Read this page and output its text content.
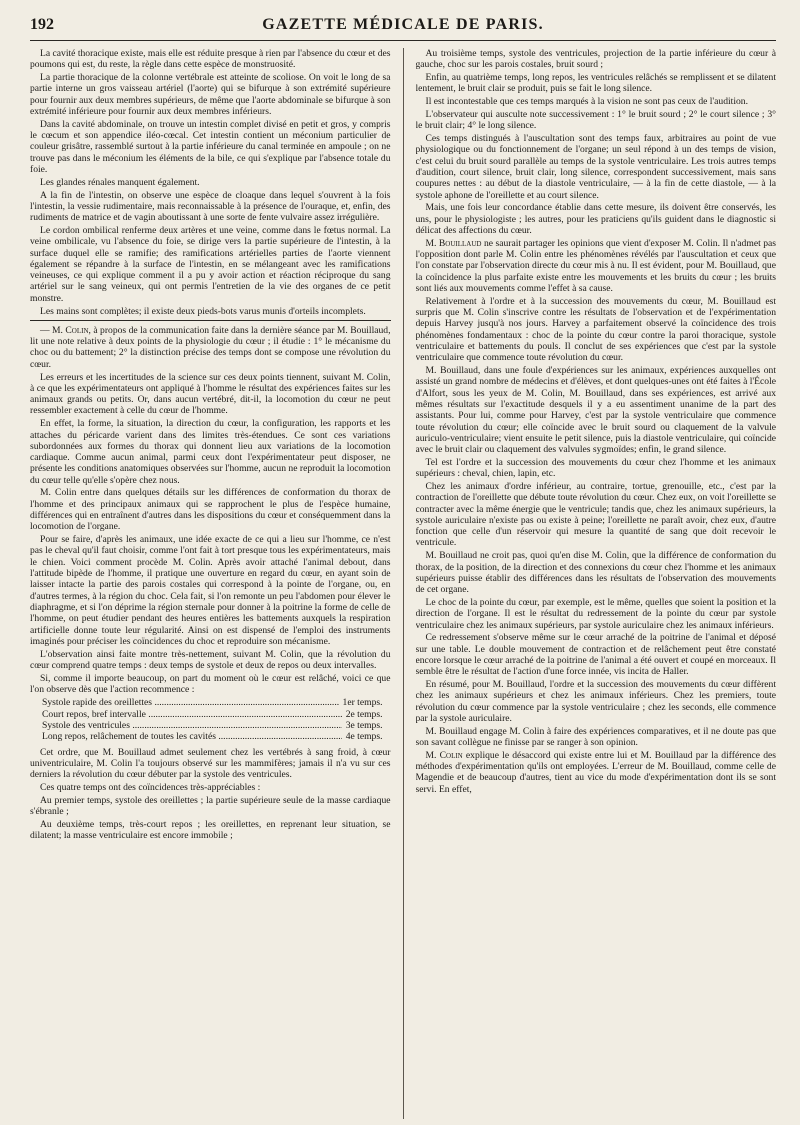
192	GAZETTE MÉDICALE DE PARIS.

La cavité thoracique existe, mais elle est réduite presque à rien par l'absence du cœur et des poumons qui est, du reste, la règle dans cette espèce de monstruosité.

La partie thoracique de la colonne vertébrale est atteinte de scoliose. On voit le long de sa partie interne un gros vaisseau artériel (l'aorte) qui se bifurque à son extrémité supérieure pour fournir aux deux membres supérieurs, de même que l'aorte abdominale se bifurque à son extrémité inférieure pour fournir aux deux membres inférieurs.

Dans la cavité abdominale, on trouve un intestin complet divisé en petit et gros, y compris le cœcum et son appendice iléo-cœcal. Cet intestin contient un méconium particulier de couleur grisâtre, rassemblé surtout à la partie inférieure du canal terminée en ampoule ; on ne trouve pas dans le méconium les éléments de la bile, ce qui s'explique par l'absence totale du foie.

Les glandes rénales manquent également.

A la fin de l'intestin, on observe une espèce de cloaque dans lequel s'ouvrent à la fois l'intestin, la vessie rudimentaire, mais reconnaissable à la présence de l'ouraque, et, enfin, des rudiments de matrice et de vagin aboutissant à une sorte de fente vulvaire assez irrégulière.

Le cordon ombilical renferme deux artères et une veine, comme dans le fœtus normal. La veine ombilicale, vu l'absence du foie, se dirige vers la partie supérieure de l'intestin, à la surface duquel elle se ramifie; des ramifications artérielles parties de l'aorte viennent également se répandre à la surface de l'intestin, en se mélangeant avec les ramifications veineuses, ce qui explique comment il a pu y avoir action et réaction réciproque du sang artériel sur le sang veineux, qui ont permis l'entretien de la vie des organes de ce petit monstre.

Les mains sont complètes; il existe deux pieds-bots varus munis d'orteils incomplets.

— M. Colin, à propos de la communication faite dans la dernière séance par M. Bouillaud, lit une note relative à deux points de la physiologie du cœur ; il étudie : 1° le mécanisme du choc ou du battement; 2° la distinction précise des temps dont se compose une révolution du cœur.

Les erreurs et les incertitudes de la science sur ces deux points tiennent, suivant M. Colin, à ce que les expérimentateurs ont appliqué à l'homme le résultat des expériences faites sur les animaux grands ou petits. Or, dans aucun vertébré, dit-il, la locomotion du cœur ne peut ressembler exactement à celle du cœur de l'homme.

En effet, la forme, la situation, la direction du cœur, la configuration, les rapports et les attaches du péricarde varient dans des limites très-étendues. Ce sont ces variations subordonnées aux formes du thorax qui donnent lieu aux variations de la locomotion cardiaque. Comme aucun animal, parmi ceux dont l'expérimentateur peut disposer, ne présente les conditions anatomiques observées sur l'homme, aucun ne reproduit la locomotion du cœur telle qu'elle s'opère chez nous.

M. Colin entre dans quelques détails sur les différences de conformation du thorax de l'homme et des principaux animaux qui se rapprochent le plus de l'espèce humaine, différences qui en entraînent d'autres dans les dispositions du cœur et conséquemment dans la locomotion de l'organe.

Pour se faire, d'après les animaux, une idée exacte de ce qui a lieu sur l'homme, ce n'est pas le cheval qu'il faut choisir, comme l'ont fait à tort presque tous les expérimentateurs, mais le chien. Voici comment procède M. Colin. Après avoir attaché l'animal debout, dans l'attitude bipède de l'homme, il pratique une ouverture en regard du cœur, en ayant soin de laisser intacte la partie des parois costales qui correspond à la pointe de l'organe, ou, en d'autres termes, à la région du choc. Cela fait, si l'on remonte un peu l'abdomen pour élever le diaphragme, et si l'on déprime la région sternale pour donner à la poitrine la forme de celle de l'homme, on peut étudier pendant des heures entières les battements auxquels la respiration artificielle donne toute leur régularité. Ainsi on est dispensé de l'emploi des instruments imaginés pour préciser les coïncidences du choc et reproduire son mécanisme.

L'observation ainsi faite montre très-nettement, suivant M. Colin, que la révolution du cœur comprend quatre temps : deux temps de systole et deux de repos ou deux intervalles.

Si, comme il importe beaucoup, on part du moment où le cœur est relâché, voici ce que l'on observe dès que l'action recommence :

Systole rapide des oreillettes .....	1er temps.
Court repos, bref intervalle .....	2e temps.
Systole des ventricules .....	3e temps.
Long repos, relâchement de toutes les cavités .....	4e temps.

Cet ordre, que M. Bouillaud admet seulement chez les vertébrés à sang froid, à cœur univentriculaire, M. Colin l'a toujours observé sur les mammifères; jamais il n'a vu sur ces derniers la révolution du cœur débuter par la systole des ventricules.

Ces quatre temps ont des coïncidences très-appréciables :

Au premier temps, systole des oreillettes ; la partie supérieure seule de la masse cardiaque s'ébranle ;

Au deuxième temps, très-court repos ; les oreillettes, en reprenant leur situation, se dilatent; la masse ventriculaire est encore immobile ;

Au troisième temps, systole des ventricules, projection de la partie inférieure du cœur à gauche, choc sur les parois costales, bruit sourd ;

Enfin, au quatrième temps, long repos, les ventricules relâchés se remplissent et se dilatent lentement, le bruit clair se produit, puis se fait le long silence.

Il est incontestable que ces temps marqués à la vision ne sont pas ceux de l'audition.

L'observateur qui ausculte note successivement : 1° le bruit sourd ; 2° le court silence ; 3° le bruit clair; 4° le long silence.

Ces temps distingués à l'auscultation sont des temps faux, arbitraires au point de vue physiologique ou du fonctionnement de l'organe; un seul répond à un des temps de vision, c'est celui du bruit sourd parallèle au temps de la systole ventriculaire. Les trois autres temps d'audition, court silence, bruit clair, long silence, correspondent successivement, mais sans coupures nettes : au début de la diastole ventriculaire, — à la fin de cette diastole, — à la systole aphone de l'oreillette et au court silence.

Mais, une fois leur concordance établie dans cette mesure, ils doivent être conservés, les uns, pour le physiologiste ; les autres, pour les praticiens qu'ils guident dans le diagnostic si délicat des affections du cœur.

M. Bouillaud ne saurait partager les opinions que vient d'exposer M. Colin. Il n'admet pas l'opposition dont parle M. Colin entre les phénomènes révélés par l'auscultation et ceux que l'on constate par l'observation directe du cœur mis à nu. Il est évident, pour M. Bouillaud, que la coïncidence la plus parfaite existe entre les mouvements et les bruits du cœur ; les bruits sont liés aux mouvements comme l'effet à sa cause.

Relativement à l'ordre et à la succession des mouvements du cœur, M. Bouillaud est surpris que M. Colin s'inscrive contre les résultats de l'observation et de l'expérimentation depuis Harvey jusqu'à nos jours. Harvey a parfaitement observé la coïncidence des trois phénomènes fondamentaux : choc de la pointe du cœur contre la paroi thoracique, systole ventriculaire et battements du pouls. Il conclut de ses expériences que c'est par la systole ventriculaire que commence toute révolution du cœur.

M. Bouillaud, dans une foule d'expériences sur les animaux, expériences auxquelles ont assisté un grand nombre de médecins et d'élèves, et dont quelques-unes ont été faites à l'École d'Alfort, sous les yeux de M. Colin, M. Bouillaud, dans ses expériences, est arrivé aux mêmes résultats sur l'exactitude desquels il y a eu assentiment unanime de la part des assistants. Pour lui, comme pour Harvey, c'est par la systole ventriculaire que commence toute révolution du cœur; elle coïncide avec le bruit sourd ou claquement de la valvule auriculo-ventriculaire; vient ensuite le petit silence, puis la diastole ventriculaire, qui coïncide avec le bruit clair ou claquement des valvules sygmoïdes; enfin, le grand silence.

Tel est l'ordre et la succession des mouvements du cœur chez l'homme et les animaux supérieurs : cheval, chien, lapin, etc.

Chez les animaux d'ordre inférieur, au contraire, tortue, grenouille, etc., c'est par la contraction de l'oreillette que débute toute révolution du cœur. Chez eux, on voit l'oreillette se contracter avec la même énergie que le ventricule; tandis que, chez les animaux supérieurs, la systole auriculaire n'existe pas ou existe à peine; l'oreillette ne paraît avoir, chez eux, d'autre fonction que celle d'un réservoir qui mesure la quantité de sang que doit recevoir le ventricule.

M. Bouillaud ne croit pas, quoi qu'en dise M. Colin, que la différence de conformation du thorax, de la position, de la direction et des connexions du cœur chez l'homme et les animaux supérieurs puisse établir des différences dans les résultats de l'observation des mouvements de cet organe.

Le choc de la pointe du cœur, par exemple, est le même, quelles que soient la position et la direction de l'organe. Il est le résultat du redressement de la pointe du cœur par systole ventriculaire chez les animaux supérieurs, par systole auriculaire chez les animaux inférieurs.

Ce redressement s'observe même sur le cœur arraché de la poitrine de l'animal et déposé sur une table. Le double mouvement de contraction et de relâchement peut être constaté encore lorsque le cœur arraché de la poitrine de l'animal a été ouvert et coupé en morceaux. Il semble être le résultat de l'action d'une force innée, vis incita de Haller.

En résumé, pour M. Bouillaud, l'ordre et la succession des mouvements du cœur diffèrent chez les animaux supérieurs et chez les animaux inférieurs. Chez les premiers, toute révolution du cœur commence par la systole ventriculaire ; chez les seconds, elle commence par la systole auriculaire.

M. Bouillaud engage M. Colin à faire des expériences comparatives, et il ne doute pas que son savant collègue ne finisse par se ranger à son opinion.

M. Colin explique le désaccord qui existe entre lui et M. Bouillaud par la différence des méthodes d'expérimentation qu'ils ont employées. L'erreur de M. Bouillaud, comme celle de Magendie et de beaucoup d'autres, tient au vice du mode d'expérimentation dont ils se sont servi. En effet,
